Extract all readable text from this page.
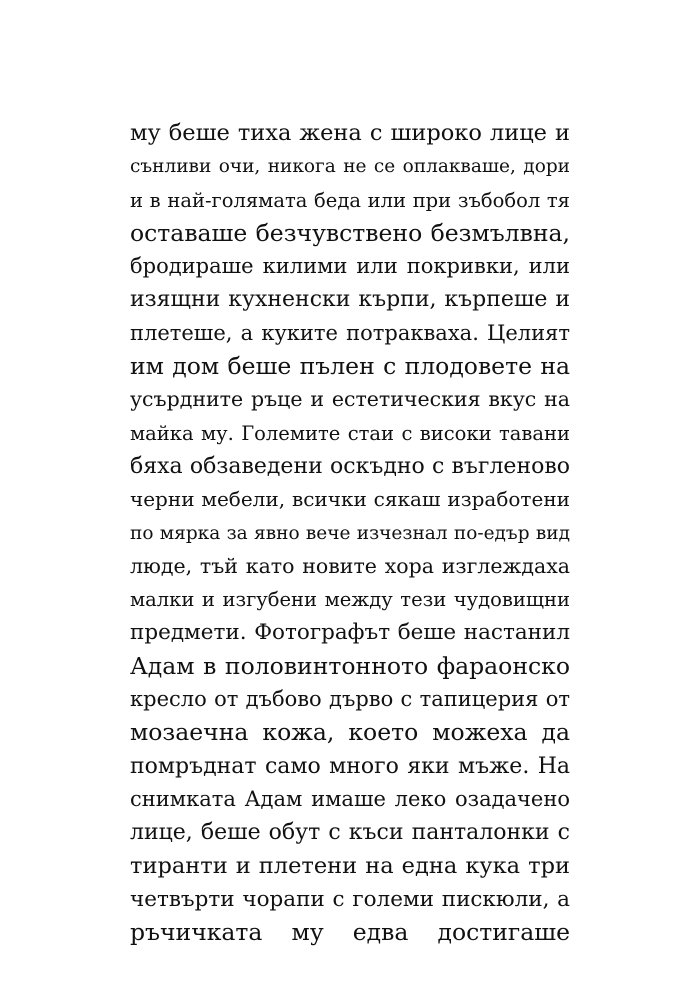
му беше тиха жена с широко лице и
сънливи очи, никога не се оплакваше, дори
и в най-голямата беда или при зъбобол тя
оставаше безчувствено безмълвна,
бродираше килими или покривки, или
изящни кухненски кърпи, кърпеше и
плетеше, а куките потракваха. Целият
им дом беше пълен с плодовете на
усърдните ръце и естетическия вкус на
майка му. Големите стаи с високи тавани
бяха обзаведени оскъдно с въгленово
черни мебели, всички сякаш изработени
по мярка за явно вече изчезнал по-едър вид
люде, тъй като новите хора изглеждаха
малки и изгубени между тези чудовищни
предмети. Фотографът беше настанил
Адам в половинтонното фараонско
кресло от дъбово дърво с тапицерия от
мозаечна кожа, което можеха да
помръднат само много яки мъже. На
снимката Адам имаше леко озадачено
лице, беше обут с къси панталонки с
тиранти и плетени на една кука три
четвърти чорапи с големи пискюли, а
ръчичката му едва достигаше
